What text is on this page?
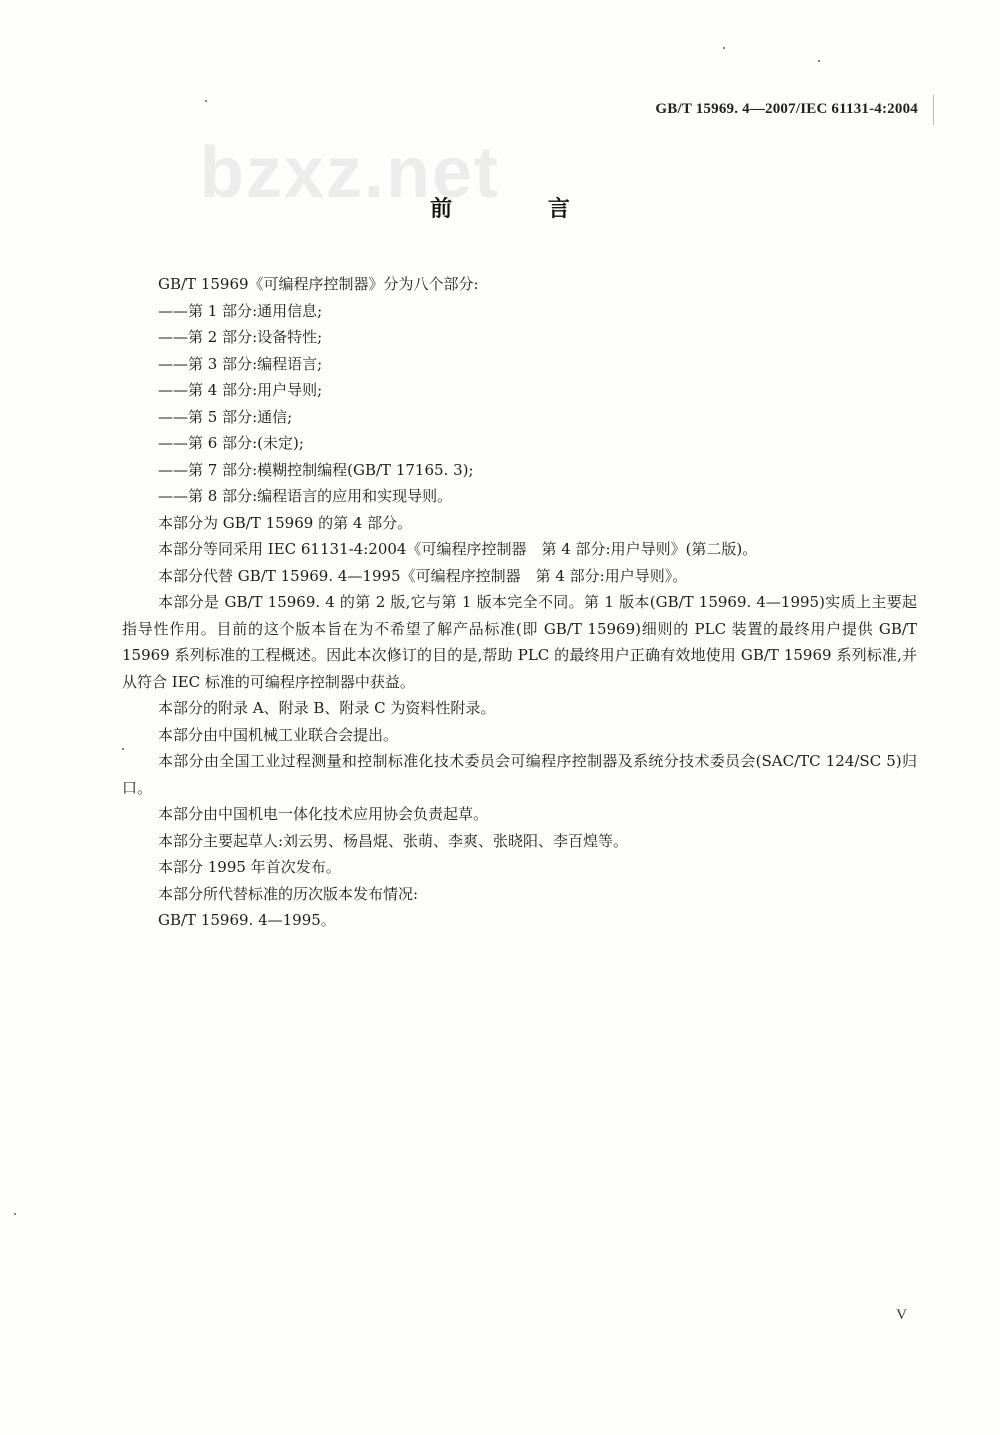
GB/T 15969. 4—2007/IEC 61131-4:2004
bzxz.net
前 言

GB/T 15969《可编程序控制器》分为八个部分:

——第 1 部分:通用信息;

——第 2 部分:设备特性;

——第 3 部分:编程语言;

——第 4 部分:用户导则;

——第 5 部分:通信;

——第 6 部分:(未定);

——第 7 部分:模糊控制编程(GB/T 17165. 3);

——第 8 部分:编程语言的应用和实现导则。

本部分为 GB/T 15969 的第 4 部分。

本部分等同采用 IEC 61131-4:2004《可编程序控制器　第 4 部分:用户导则》(第二版)。

本部分代替 GB/T 15969. 4—1995《可编程序控制器　第 4 部分:用户导则》。

本部分是 GB/T 15969. 4 的第 2 版,它与第 1 版本完全不同。第 1 版本(GB/T 15969. 4—1995)实质上主要起指导性作用。目前的这个版本旨在为不希望了解产品标准(即 GB/T 15969)细则的 PLC 装置的最终用户提供 GB/T 15969 系列标准的工程概述。因此本次修订的目的是,帮助 PLC 的最终用户正确有效地使用 GB/T 15969 系列标准,并从符合 IEC 标准的可编程序控制器中获益。

本部分的附录 A、附录 B、附录 C 为资料性附录。

本部分由中国机械工业联合会提出。

本部分由全国工业过程测量和控制标准化技术委员会可编程序控制器及系统分技术委员会(SAC/TC 124/SC 5)归口。

本部分由中国机电一体化技术应用协会负责起草。

本部分主要起草人:刘云男、杨昌焜、张萌、李爽、张晓阳、李百煌等。

本部分 1995 年首次发布。

本部分所代替标准的历次版本发布情况:

GB/T 15969. 4—1995。

V
